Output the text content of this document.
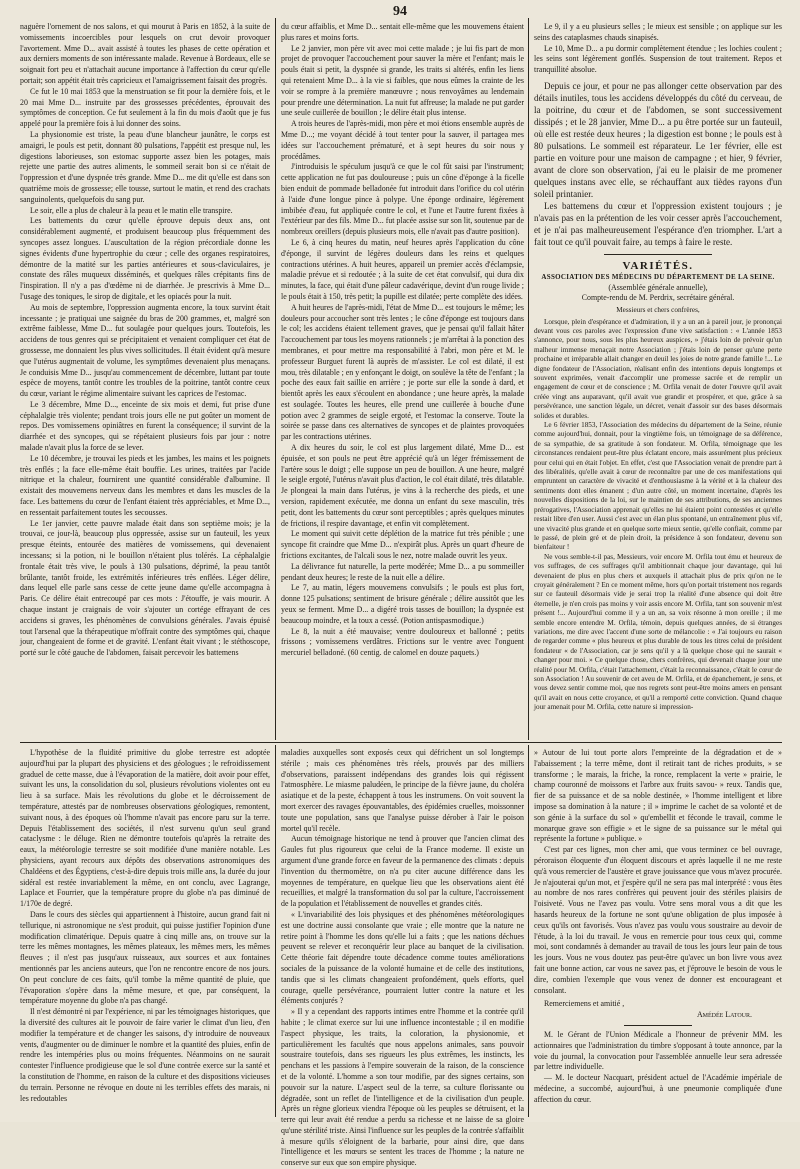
94

naguère l'ornement de nos salons, et qui mourut à Paris en 1852, à la suite de vomissements incoercibles pour lesquels on crut devoir provoquer l'avortement. Mme D... avait assisté à toutes les phases de cette opération et aux derniers moments de son intéressante malade. Revenue à Bordeaux, elle se soignait fort peu et n'attachait aucune importance à l'affection du cœur qu'elle portait; son appétit était très capricieux et l'amaigrissement faisait des progrès.

Ce fut le 10 mai 1853 que la menstruation se fit pour la dernière fois, et le 20 mai Mme D... instruite par des grossesses précédentes, éprouvait des symptômes de conception. Ce fut seulement à la fin du mois d'août que je fus appelé pour la première fois à lui donner des soins.

La physionomie est triste, la peau d'une blancheur jaunâtre, le corps est amaigri, le pouls est petit, donnant 80 pulsations, l'appétit est presque nul, les digestions laborieuses, son estomac supporte assez bien les potages, mais rejette une partie des autres aliments, le sommeil serait bon si ce n'était de l'oppression et d'une dyspnée très grande. Mme D... me dit qu'elle est dans son quatrième mois de grossesse; elle tousse, surtout le matin, et rend des crachats sanguinolents, quelquefois du sang pur.

Le soir, elle a plus de chaleur à la peau et le matin elle transpire.

Les battements du cœur qu'elle éprouve depuis deux ans, ont considérablement augmenté, et produisent beaucoup plus fréquemment des syncopes assez longues. L'auscultation de la région précordiale donne les signes évidents d'une hypertrophie du cœur ; celle des organes respiratoires, démontre de la matité sur les parties antérieures et sous-claviculaires, je constate des râles muqueux disséminés, et quelques râles crépitants fins de l'inspiration. Il n'y a pas d'œdème ni de diarrhée. Je prescrivis à Mme D... l'usage des toniques, le sirop de digitale, et les opiacés pour la nuit.

Au mois de septembre, l'oppression augmenta encore, la toux survint était incessante ; je pratiquai une saignée du bras de 200 grammes, et, malgré son extrême faiblesse, Mme D... fut soulagée pour quelques jours. Toutefois, les accidens de tous genres qui se précipitaient et venaient compliquer cet état de grossesse, me donnaient les plus vives sollicitudes. Il était évident qu'à mesure que l'utérus augmentait de volume, les symptômes devenaient plus menaçans. Je conduisis Mme D... jusqu'au commencement de décembre, luttant par toute espèce de moyens, tantôt contre les troubles de la poitrine, tantôt contre ceux du cœur, variant le régime alimentaire suivant les caprices de l'estomac.

Le 3 décembre, Mme D..., enceinte de six mois et demi, fut prise d'une céphalalgie très violente; pendant trois jours elle ne put goûter un moment de repos. Des vomissemens opiniâtres en furent la conséquence; il survint de la diarrhée et des syncopes, qui se répétaient plusieurs fois par jour : notre malade n'avait plus la force de se lever.

Le 10 décembre, je trouvai les pieds et les jambes, les mains et les poignets très enflés ; la face elle-même était bouffie. Les urines, traitées par l'acide nitrique et la chaleur, fournirent une quantité considérable d'albumine. Il existait des mouvemens nerveux dans les membres et dans les muscles de la face. Les battemens du cœur de l'enfant étaient très appréciables, et Mme D..., en ressentait parfaitement toutes les secousses.

Le 1er janvier, cette pauvre malade était dans son septième mois; je la trouvai, ce jour-là, beaucoup plus oppressée, assise sur un fauteuil, les yeux presque éteints, entourée des matières de vomissemens, qui devenaient incessans; si la potion, ni le bouillon n'étaient plus tolérés. La céphalalgie frontale était très vive, le pouls à 130 pulsations, déprimé, la peau tantôt brûlante, tantôt froide, les extrémités inférieures très enflées. Léger délire, dans lequel elle parle sans cesse de cette jeune dame qu'elle accompagna à Paris. Ce délire était entrecoupé par ces mots : J'étouffe, je vais mourir. A chaque instant je craignais de voir s'ajouter un cortége effrayant de ces accidens si graves, les phénomènes de convulsions générales. J'avais épuisé tout l'arsenal que la thérapeutique m'offrait contre des symptômes qui, chaque jour, changeaient de forme et de gravité. L'enfant était vivant ; le stéthoscope, porté sur le côté gauche de l'abdomen, faisait percevoir les battemens

du cœur affaiblis, et Mme D... sentait elle-même que les mouvemens étaient plus rares et moins forts.

Le 2 janvier, mon père vit avec moi cette malade ; je lui fis part de mon projet de provoquer l'accouchement pour sauver la mère et l'enfant; mais le pouls était si petit, la dyspnée si grande, les traits si altérés, enfin les liens qui retenaient Mme D... à la vie si faibles, que nous eûmes la crainte de les voir se rompre à la première manœuvre ; nous renvoyâmes au lendemain pour prendre une détermination. La nuit fut affreuse; la malade ne put garder une seule cuillerée de bouillon ; le délire était plus intense.

A trois heures de l'après-midi, mon père et moi étions ensemble auprès de Mme D...; me voyant décidé à tout tenter pour la sauver, il partagea mes idées sur l'accouchement prématuré, et à sept heures du soir nous y procédâmes.

J'introduisis le spéculum jusqu'à ce que le col fût saisi par l'instrument; cette application ne fut pas douloureuse ; puis un cône d'éponge à la ficelle bien enduit de pommade belladonée fut introduit dans l'orifice du col utérin à l'aide d'une longue pince à polype. Une éponge ordinaire, légèrement imbibée d'eau, fut appliquée contre le col, et l'une et l'autre furent fixées à l'extérieur par des fils. Mme D... fut placée assise sur son lit, soutenue par de nombreux oreillers (depuis plusieurs mois, elle n'avait pas d'autre position).

Le 6, à cinq heures du matin, neuf heures après l'application du cône d'éponge, il survint de légères douleurs dans les reins et quelques contractions utérines. A huit heures, appareil un premier accès d'éclampsie, maladie prévue et si redoutée ; à la suite de cet état convulsif, qui dura dix minutes, la face, qui était d'une pâleur cadavérique, devint d'un rouge livide ; le pouls était à 150, très petit; la pupille est dilatée; perte complète des idées.

A huit heures de l'après-midi, l'état de Mme D... est toujours le même; les douleurs pour accoucher sont très lentes ; le cône d'éponge est toujours dans le col; les accidens étaient tellement graves, que je pensai qu'il fallait hâter l'accouchement par tous les moyens rationnels ; je m'arrêtai à la ponction des membranes, et pour mettre ma responsabilité à l'abri, mon père et M. le professeur Burguet furent là auprès de m'assister. Le col est dilaté, il est mou, très dilatable ; en y enfonçant le doigt, on soulève la tête de l'enfant ; la poche des eaux fait saillie en arrière ; je porte sur elle la sonde à dard, et bientôt après les eaux s'écoulent en abondance ; une heure après, la malade est soulagée. Toutes les heures, elle prend une cuillerée à bouche d'une potion avec 2 grammes de seigle ergoté, et l'estomac la conserve. Toute la soirée se passe dans ces alternatives de syncopes et de plaintes provoquées par les contractions utérines.

A dix heures du soir, le col est plus largement dilaté, Mme D... est épuisée, et son pouls ne peut être apprécié qu'à un léger frémissement de l'artère sous le doigt ; elle suppose un peu de bouillon. A une heure, malgré le seigle ergoté, l'utérus n'avait plus d'action, le col était dilaté, très dilatable. Je plongeai la main dans l'utérus, je vins à la recherche des pieds, et une version, rapidement exécutée, me donna un enfant du sexe masculin, très petit, dont les battements du cœur sont perceptibles ; après quelques minutes de frictions, il respire davantage, et enfin vit complètement.

Le moment qui suivit cette déplétion de la matrice fut très pénible ; une syncope fit craindre que Mme D... n'expirât plus. Après un quart d'heure de frictions excitantes, de l'alcali sous le nez, notre malade ouvrit les yeux.

La délivrance fut naturelle, la perte modérée; Mme D... a pu sommeiller pendant deux heures; le reste de la nuit elle a délire.

Le 7, au matin, légers mouvemens convulsifs ; le pouls est plus fort, donne 125 pulsations; sentiment de brisure générale ; délire aussitôt que les yeux se ferment. Mme D... a digéré trois tasses de bouillon; la dyspnée est beaucoup moindre, et la toux a cessé. (Potion antispasmodique.)

Le 8, la nuit a été mauvaise; ventre douloureux et ballonné ; petits frissons ; vomissemens verdâtres. Frictions sur le ventre avec l'onguent mercuriel belladoné. (60 centig. de calomel en douze paquets.)

Le 9, il y a eu plusieurs selles ; le mieux est sensible ; on applique sur les seins des cataplasmes chauds sinapisés.

Le 10, Mme D... a pu dormir complètement étendue ; les lochies coulent ; les seins sont légèrement gonflés. Suspension de tout traitement. Repos et tranquillité absolue.

Depuis ce jour, et pour ne pas allonger cette observation par des détails inutiles, tous les accidens développés du côté du cerveau, de la poitrine, du cœur et de l'abdomen, se sont successivement dissipés ; et le 28 janvier, Mme D... a pu être portée sur un fauteuil, où elle est restée deux heures ; la digestion est bonne ; le pouls est à 80 pulsations. Le sommeil est réparateur. Le 1er février, elle est partie en voiture pour une maison de campagne ; et hier, 9 février, avant de clore son observation, j'ai eu le plaisir de me promener quelques instans avec elle, se réchauffant aux tièdes rayons d'un soleil printanier.

Les battemens du cœur et l'oppression existent toujours ; je n'avais pas en la prétention de les voir cesser après l'accouchement, et je n'ai pas malheureusement l'espérance d'en triompher. L'art a fait tout ce qu'il pouvait faire, au temps à faire le reste.

VARIÉTÉS.

ASSOCIATION DES MÉDECINS DU DÉPARTEMENT DE LA SEINE.

(Assemblée générale annuelle),

Compte-rendu de M. Perdrix, secrétaire général.

Messieurs et chers confrères,

Lorsque, plein d'espérance et d'admiration, il y a un an à pareil jour, je prononçai devant vous ces paroles avec l'expression d'une vive satisfaction : « L'année 1853 s'annonce, pour nous, sous les plus heureux auspices, » j'étais loin de prévoir qu'un malheur immense menaçait notre Association ; j'étais loin de penser qu'une perte prochaine et irréparable allait changer en deuil les joies de notre grande famille !... Le digne fondateur de l'Association, réalisant enfin des intentions depuis longtemps et souvent exprimées, venait d'accomplir une promesse sacrée et de remplir un engagement de cœur et de conscience ; M. Orfila venait de doter l'œuvre qu'il avait créée vingt ans auparavant, qu'il avait vue grandir et prospérer, et que, grâce à sa persévérance, une sanction légale, un décret, venait d'assoir sur des bases désormais solides et durables.

Le 6 février 1853, l'Association des médecins du département de la Seine, réunie comme aujourd'hui, donnait, pour la vingtième fois, un témoignage de sa déférence, de sa sympathie, de sa gratitude à son fondateur. M. Orfila, témoignage que les circonstances rendaient peut-être plus éclatant encore, mais assurément plus précieux pour celui qui en était l'objet. En effet, c'est que l'Association venait de prendre part à des libéralités, qu'elle avait à cœur de reconnaître par une de ces manifestations qui empruntent un caractère de vivacité et d'enthousiasme à la vérité et à la chaleur des sentiments dont elles émanent ; d'un autre côté, un moment incertaine, d'après les nouvelles dispositions de la loi, sur le maintien de ses attributions, de ses anciennes prérogatives, l'Association apprenait qu'elles ne lui étaient point contestées et qu'elle restait libre d'en user. Aussi c'est avec un élan plus spontané, un entraînement plus vif, une vivacité plus grande et en quelque sorte mieux sentie, qu'elle confiait, comme par le passé, de plein gré et de plein droit, la présidence à son fondateur, devenu son bienfaiteur !

Ne vous semble-t-il pas, Messieurs, voir encore M. Orfila tout ému et heureux de vos suffrages, de ces suffrages qu'il ambitionnait chaque jour davantage, qui lui devenaient de plus en plus chers et auxquels il attachait plus de prix qu'on ne le croyait généralement ? En ce moment même, hors qu'on portait tristement nos regards sur ce fauteuil désormais vide je serai trop la réalité d'une absence qui doit être éternelle, je n'en crois pas moins y voir assis encore M. Orfila, tant son souvenir m'est présent !... Aujourd'hui comme il y a un an, sa voix résonne à mon oreille ; il me semble encore entendre M. Orfila, témoin, depuis quelques années, de si étranges variations, me dire avec l'accent d'une sorte de mélancolie : « J'ai toujours eu raison de regarder comme « plus heureux et plus durable de tous les titres celui de président fondateur « de l'Association, car je sens qu'il y a là quelque chose qui ne saurait « changer pour moi. » Ce quelque chose, chers confrères, qui devenait chaque jour une réalité pour M. Orfila, c'était l'attachement, c'était la reconnaissance, c'était le cœur de son Association ! Au souvenir de cet aveu de M. Orfila, et de épanchement, je sens, et vous devez sentir comme moi, que nos regrets sont peut-être moins amers en pensant qu'il avait en nous cette croyance, et qu'il a remporté cette conviction. Quand chaque jour amenait pour M. Orfila, cette nature si impression-

L'hypothèse de la fluidité primitive du globe terrestre est adoptée aujourd'hui par la plupart des physiciens et des géologues ; le refroidissement graduel de cette masse, due à l'évaporation de la matière, doit avoir pour effet, suivant les uns, la consolidation du sol, plusieurs révolutions violentes ont eu lieu à sa surface. Mais les révolutions du globe et le décroissement de température, attestés par de nombreuses observations géologiques, remontent, suivant nous, à des époques où l'homme n'avait pas encore paru sur la terre. Depuis l'établissement des sociétés, il n'est survenu qu'un seul grand cataclysme : le déluge. Rien ne démontre toutefois qu'après la retraite des eaux, la météorologie terrestre se soit modifiée d'une manière notable. Les physiciens, ayant recours aux dépôts des observations astronomiques des Chaldéens et des Égyptiens, c'est-à-dire depuis trois mille ans, la durée du jour sidéral est restée invariablement la même, en ont conclu, avec Lagrange, Laplace et Fourrier, que la température propre du globe n'a pas diminué de 1/170e de degré.

Dans le cours des siècles qui appartiennent à l'histoire, aucun grand fait ni tellurique, ni astronomique ne s'est produit, qui puisse justifier l'opinion d'une modification climatérique. Depuis quatre à cinq mille ans, on trouve sur la terre les mêmes montagnes, les mêmes plateaux, les mêmes mers, les mêmes fleuves ; il n'est pas jusqu'aux ruisseaux, aux sources et aux fontaines mentionnés par les anciens auteurs, que l'on ne rencontre encore de nos jours. On peut conclure de ces faits, qu'il tombe la même quantité de pluie, que l'évaporation s'opère dans la même mesure, et que, par conséquent, la température moyenne du globe n'a pas changé.

Il n'est démontré ni par l'expérience, ni par les témoignages historiques, que la diversité des cultures ait le pouvoir de faire varier le climat d'un lieu, d'en modifier la température et de changer les saisons, d'y introduire de nouveaux vents, d'augmenter ou de diminuer le nombre et la quantité des pluies, enfin de rendre les intempéries plus ou moins fréquentes. Néanmoins on ne saurait contester l'influence prodigieuse que le sol d'une contrée exerce sur la santé et la constitution de l'homme, en raison de la culture et des dispositions vicieuses du terrain. Personne ne révoque en doute ni les terribles effets des marais, ni les redoutables

maladies auxquelles sont exposés ceux qui défrichent un sol longtemps stérile ; mais ces phénomènes très réels, prouvés par des milliers d'observations, paraissent indépendans des grandes lois qui régissent l'atmosphère. Le miasme paludéen, le principe de la fièvre jaune, du choléra asiatique et de la peste, échappent à tous les instrumens. On voit souvent la mort exercer des ravages épouvantables, des épidémies cruelles, moissonner toute une population, sans que l'analyse puisse dérober à l'air le poison mortel qu'il recèle.

Aucun témoignage historique ne tend à prouver que l'ancien climat des Gaules fut plus rigoureux que celui de la France moderne. Il existe un argument d'une grande force en faveur de la permanence des climats : depuis l'invention du thermomètre, on n'a pu citer aucune différence dans les moyennes de température, en quelque lieu que les observations aient été recueillies, et malgré la transformation du sol par la culture, l'accroissement de la population et l'établissement de nouvelles et grandes cités.

« L'invariabilité des lois physiques et des phénomènes météorologiques est une doctrine aussi consolante que vraie ; elle montre que la nature ne retire point à l'homme les dons qu'elle lui a faits ; que les nations déchues peuvent se relever et reconquérir leur place au banquet de la civilisation. Cette théorie fait dépendre toute décadence comme toutes améliorations sociales de la puissance de la volonté humaine et de celle des institutions, tandis que si les climats changeaient profondément, quels efforts, quel courage, quelle persévérance, pourraient lutter contre la nature et les éléments conjurés ?

» Il y a cependant des rapports intimes entre l'homme et la contrée qu'il habite ; le climat exerce sur lui une influence incontestable ; il en modifie l'aspect physique, les traits, la coloration, la physionomie, et particulièrement les facultés que nous appelons animales, sans pouvoir soustraire toutefois, dans ses rigueurs les plus extrêmes, les instincts, les penchans et les passions à l'empire souverain de la raison, de la conscience et de la volonté. L'homme a son tour modifie, par des signes certains, son pouvoir sur la nature. L'aspect seul de la terre, sa culture florissante ou dégradée, sont un reflet de l'intelligence et de la civilisation d'un peuple. Après un règne glorieux viendra l'époque où les peuples se détruisent, et la terre qui leur avait été rendue a perdu sa richesse et ne laisse de sa gloire qu'une stérilité triste. Ainsi l'influence sur les peuples de la contrée s'affaiblit à mesure qu'ils s'éloignent de la barbarie, pour ainsi dire, que dans l'intelligence et les mœurs se sentent les traces de l'homme ; la nature ne conserve sur eux que son empire physique.

» Autour de lui tout porte alors l'empreinte de la dégradation et de » l'abaissement ; la terre même, dont il retirait tant de riches produits, » se transforme ; le marais, la friche, la ronce, remplacent la verte » prairie, le champ couronné de moissons et l'arbre aux fruits savou- » reux. Tandis que, fier de sa puissance et de sa noble destinée, » l'homme intelligent et libre impose sa domination à la nature ; il » imprime le cachet de sa volonté et de son génie à la surface du sol » qu'embellit et féconde le travail, comme le monarque grave son effigie » et le signe de sa puissance sur le métal qui représente la fortune » publique. »

C'est par ces lignes, mon cher ami, que vous terminez ce bel ouvrage, péroraison éloquente d'un éloquent discours et après laquelle il ne me reste qu'à vous remercier de l'austère et grave jouissance que vous m'avez procurée. Je n'ajouterai qu'un mot, et j'espère qu'il ne sera pas mal interprété : vous êtes au nombre de nos rares confrères qui peuvent jouir des stériles plaisirs de l'oisiveté. Vous ne l'avez pas voulu. Votre sens moral vous a dit que les hasards heureux de la fortune ne sont qu'une obligation de plus imposée à ceux qu'ils ont favorisés. Vous n'avez pas voulu vous soustraire au devoir de l'étude, à la loi du travail. Je vous en remercie pour tous ceux qui, comme moi, sont condamnés à demander au travail de tous les jours leur pain de tous les jours. Vous ne vous doutez pas peut-être qu'avec un bon livre vous avez fait une bonne action, car vous ne savez pas, et j'éprouve le besoin de vous le dire, combien l'exemple que vous venez de donner est encourageant et consolant.

Remerciemens et amitié ,

Amédée Latour.

M. le Gérant de l'Union Médicale a l'honneur de prévenir MM. les actionnaires que l'administration du timbre s'opposant à toute annonce, par la voie du journal, la convocation pour l'assemblée annuelle leur sera adressée par lettre individuelle.

— M. le docteur Nacquart, président actuel de l'Académie impériale de médecine, a succombé, aujourd'hui, à une pneumonie compliquée d'une affection du cœur.
